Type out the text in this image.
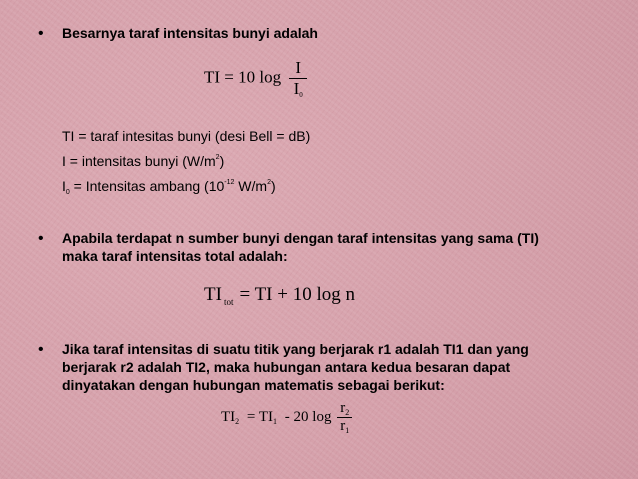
• Besarnya taraf intensitas bunyi adalah
TI = 10 $\log \frac{I}{I0}$
TI = taraf intesitas bunyi (desi Bell = dB)
I = intensitas bunyi $(W/m^2)$
$I_0$ = Intensitas ambang ($10^{-12}$ $W/m^2$)
• Apabila terdapat n sumber bunyi dengan taraf intensitas yang sama (TI)
maka taraf intensitas total adalah:
TI $_{tot}$ = TI + 10 log n
• Jika taraf intensitas di suatu titik yang berjarak r1 adalah TI1 dan yang
berjarak r2 adalah TI2, maka hubungan antara kedua besaran dapat
dinyatakan dengan hubungan matematis sebagai berikut:
$TI_2 = TI_1 - 20$ $\log \frac{r_2}{r_1}$
